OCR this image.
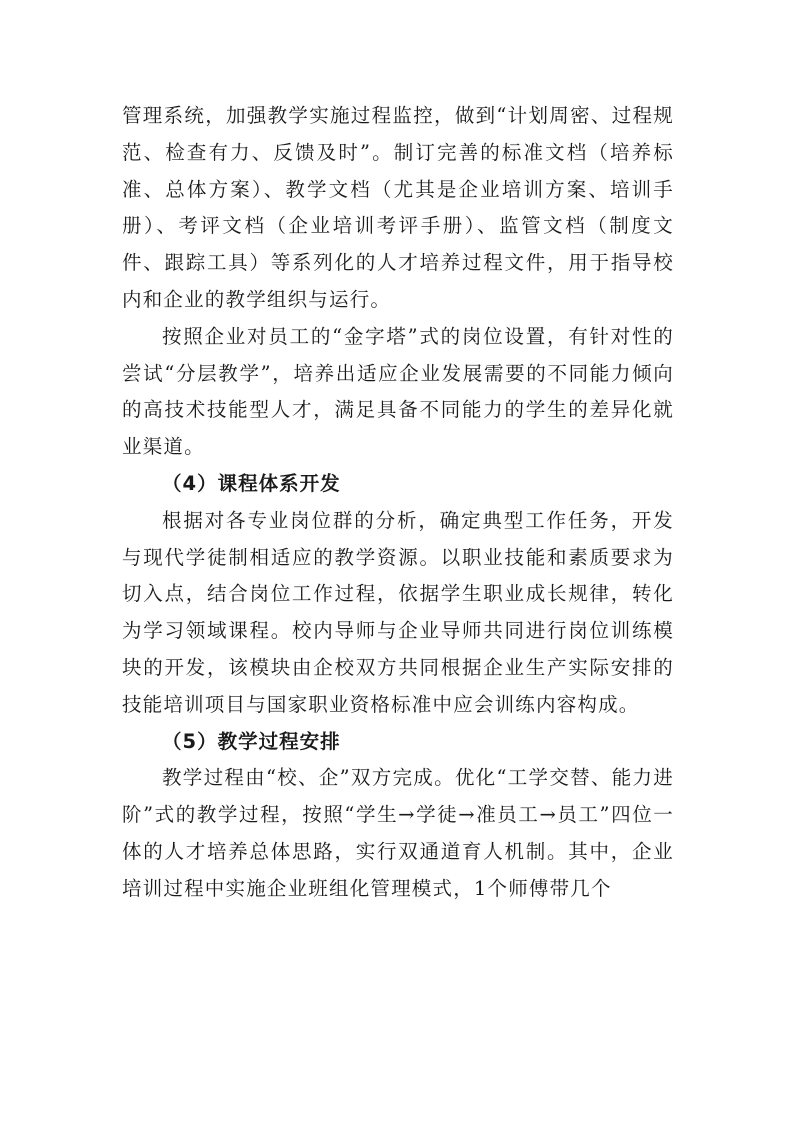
管理系统，加强教学实施过程监控，做到“计划周密、过程规范、检查有力、反馈及时”。制订完善的标准文档（培养标准、总体方案）、教学文档（尤其是企业培训方案、培训手册）、考评文档（企业培训考评手册）、监管文档（制度文件、跟踪工具）等系列化的人才培养过程文件，用于指导校内和企业的教学组织与运行。

按照企业对员工的“金字塔”式的岗位设置，有针对性的尝试“分层教学”，培养出适应企业发展需要的不同能力倾向的高技术技能型人才，满足具备不同能力的学生的差异化就业渠道。

（4）课程体系开发

根据对各专业岗位群的分析，确定典型工作任务，开发与现代学徒制相适应的教学资源。以职业技能和素质要求为切入点，结合岗位工作过程，依据学生职业成长规律，转化为学习领域课程。校内导师与企业导师共同进行岗位训练模块的开发，该模块由企校双方共同根据企业生产实际安排的技能培训项目与国家职业资格标准中应会训练内容构成。

（5）教学过程安排

教学过程由“校、企”双方完成。优化“工学交替、能力进阶”式的教学过程，按照“学生→学徒→准员工→员工”四位一体的人才培养总体思路，实行双通道育人机制。其中，企业培训过程中实施企业班组化管理模式，1个师傅带几个
